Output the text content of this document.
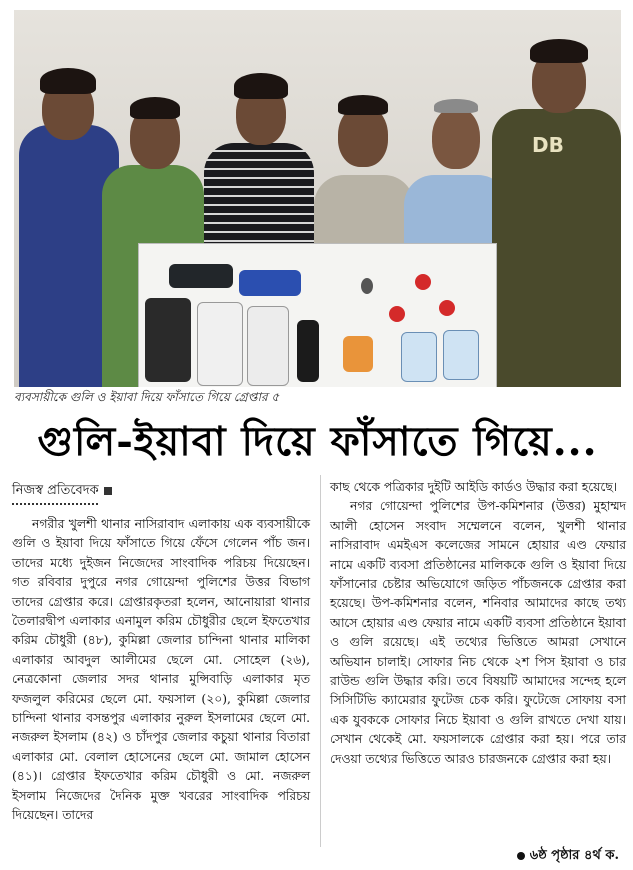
DB
ব্যবসায়ীকে গুলি ও ইয়াবা দিয়ে ফাঁসাতে গিয়ে গ্রেপ্তার ৫
গুলি-ইয়াবা দিয়ে ফাঁসাতে গিয়ে...
নিজস্ব প্রতিবেদক

নগরীর খুলশী থানার নাসিরাবাদ এলাকায় এক ব্যবসায়ীকে গুলি ও ইয়াবা দিয়ে ফাঁসাতে গিয়ে ফেঁসে গেলেন পাঁচ জন। তাদের মধ্যে দুইজন নিজেদের সাংবাদিক পরিচয় দিয়েছেন। গত রবিবার দুপুরে নগর গোয়েন্দা পুলিশের উত্তর বিভাগ তাদের গ্রেপ্তার করে। গ্রেপ্তারকৃতরা হলেন, আনোয়ারা থানার তৈলারদ্বীপ এলাকার এনামুল করিম চৌধুরীর ছেলে ইফতেখার করিম চৌধুরী (৪৮), কুমিল্লা জেলার চান্দিনা থানার মালিকা এলাকার আবদুল আলীমের ছেলে মো. সোহেল (২৬), নেত্রকোনা জেলার সদর থানার মুন্সিবাড়ি এলাকার মৃত ফজলুল করিমের ছেলে মো. ফয়সাল (২০), কুমিল্লা জেলার চান্দিনা থানার বসন্তপুর এলাকার নুরুল ইসলামের ছেলে মো. নজরুল ইসলাম (৪২) ও চাঁদপুর জেলার কচুয়া থানার বিতারা এলাকার মো. বেলাল হোসেনের ছেলে মো. জামাল হোসেন (৪১)। গ্রেপ্তার ইফতেখার করিম চৌধুরী ও মো. নজরুল ইসলাম নিজেদের দৈনিক মুক্ত খবরের সাংবাদিক পরিচয় দিয়েছেন। তাদের

কাছ থেকে পত্রিকার দুইটি আইডি কার্ডও উদ্ধার করা হয়েছে।

নগর গোয়েন্দা পুলিশের উপ-কমিশনার (উত্তর) মুহাম্মদ আলী হোসেন সংবাদ সম্মেলনে বলেন, খুলশী থানার নাসিরাবাদ এমইএস কলেজের সামনে হোয়ার এণ্ড ফেয়ার নামে একটি ব্যবসা প্রতিষ্ঠানের মালিককে গুলি ও ইয়াবা দিয়ে ফাঁসানোর চেষ্টার অভিযোগে জড়িত পাঁচজনকে গ্রেপ্তার করা হয়েছে। উপ-কমিশনার বলেন, শনিবার আমাদের কাছে তথ্য আসে হোয়ার এণ্ড ফেয়ার নামে একটি ব্যবসা প্রতিষ্ঠানে ইয়াবা ও গুলি রয়েছে। এই তথ্যের ভিত্তিতে আমরা সেখানে অভিযান চালাই। সোফার নিচ থেকে ২শ পিস ইয়াবা ও চার রাউন্ড গুলি উদ্ধার করি। তবে বিষয়টি আমাদের সন্দেহ হলে সিসিটিভি ক্যামেরার ফুটেজ চেক করি। ফুটেজে সোফায় বসা এক যুবককে সোফার নিচে ইয়াবা ও গুলি রাখতে দেখা যায়। সেখান থেকেই মো. ফয়সালকে গ্রেপ্তার করা হয়। পরে তার দেওয়া তথ্যের ভিত্তিতে আরও চারজনকে গ্রেপ্তার করা হয়।

৬ষ্ঠ পৃষ্ঠার ৪র্থ ক.
